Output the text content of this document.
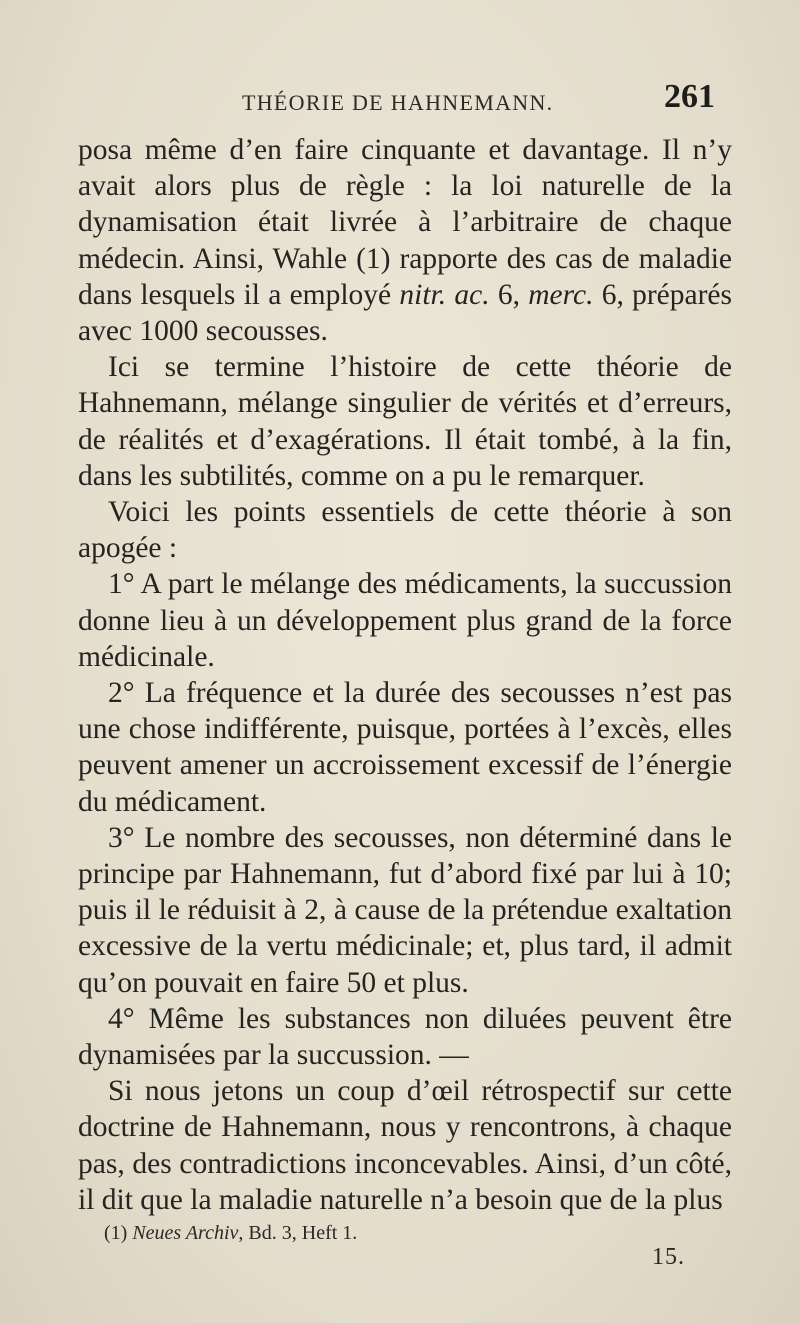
THÉORIE DE HAHNEMANN.	261

posa même d’en faire cinquante et davantage. Il n’y avait alors plus de règle : la loi naturelle de la dynamisation était livrée à l’arbitraire de chaque médecin. Ainsi, Wahle (1) rapporte des cas de maladie dans lesquels il a employé nitr. ac. 6, merc. 6, préparés avec 1000 secousses.

Ici se termine l’histoire de cette théorie de Hahnemann, mélange singulier de vérités et d’erreurs, de réalités et d’exagérations. Il était tombé, à la fin, dans les subtilités, comme on a pu le remarquer.

Voici les points essentiels de cette théorie à son apogée :

1° A part le mélange des médicaments, la succussion donne lieu à un développement plus grand de la force médicinale.

2° La fréquence et la durée des secousses n’est pas une chose indifférente, puisque, portées à l’excès, elles peuvent amener un accroissement excessif de l’énergie du médicament.

3° Le nombre des secousses, non déterminé dans le principe par Hahnemann, fut d’abord fixé par lui à 10; puis il le réduisit à 2, à cause de la prétendue exaltation excessive de la vertu médicinale; et, plus tard, il admit qu’on pouvait en faire 50 et plus.

4° Même les substances non diluées peuvent être dynamisées par la succussion. —

Si nous jetons un coup d’œil rétrospectif sur cette doctrine de Hahnemann, nous y rencontrons, à chaque pas, des contradictions inconcevables. Ainsi, d’un côté, il dit que la maladie naturelle n’a besoin que de la plus

(1) Neues Archiv, Bd. 3, Heft 1.
15.
